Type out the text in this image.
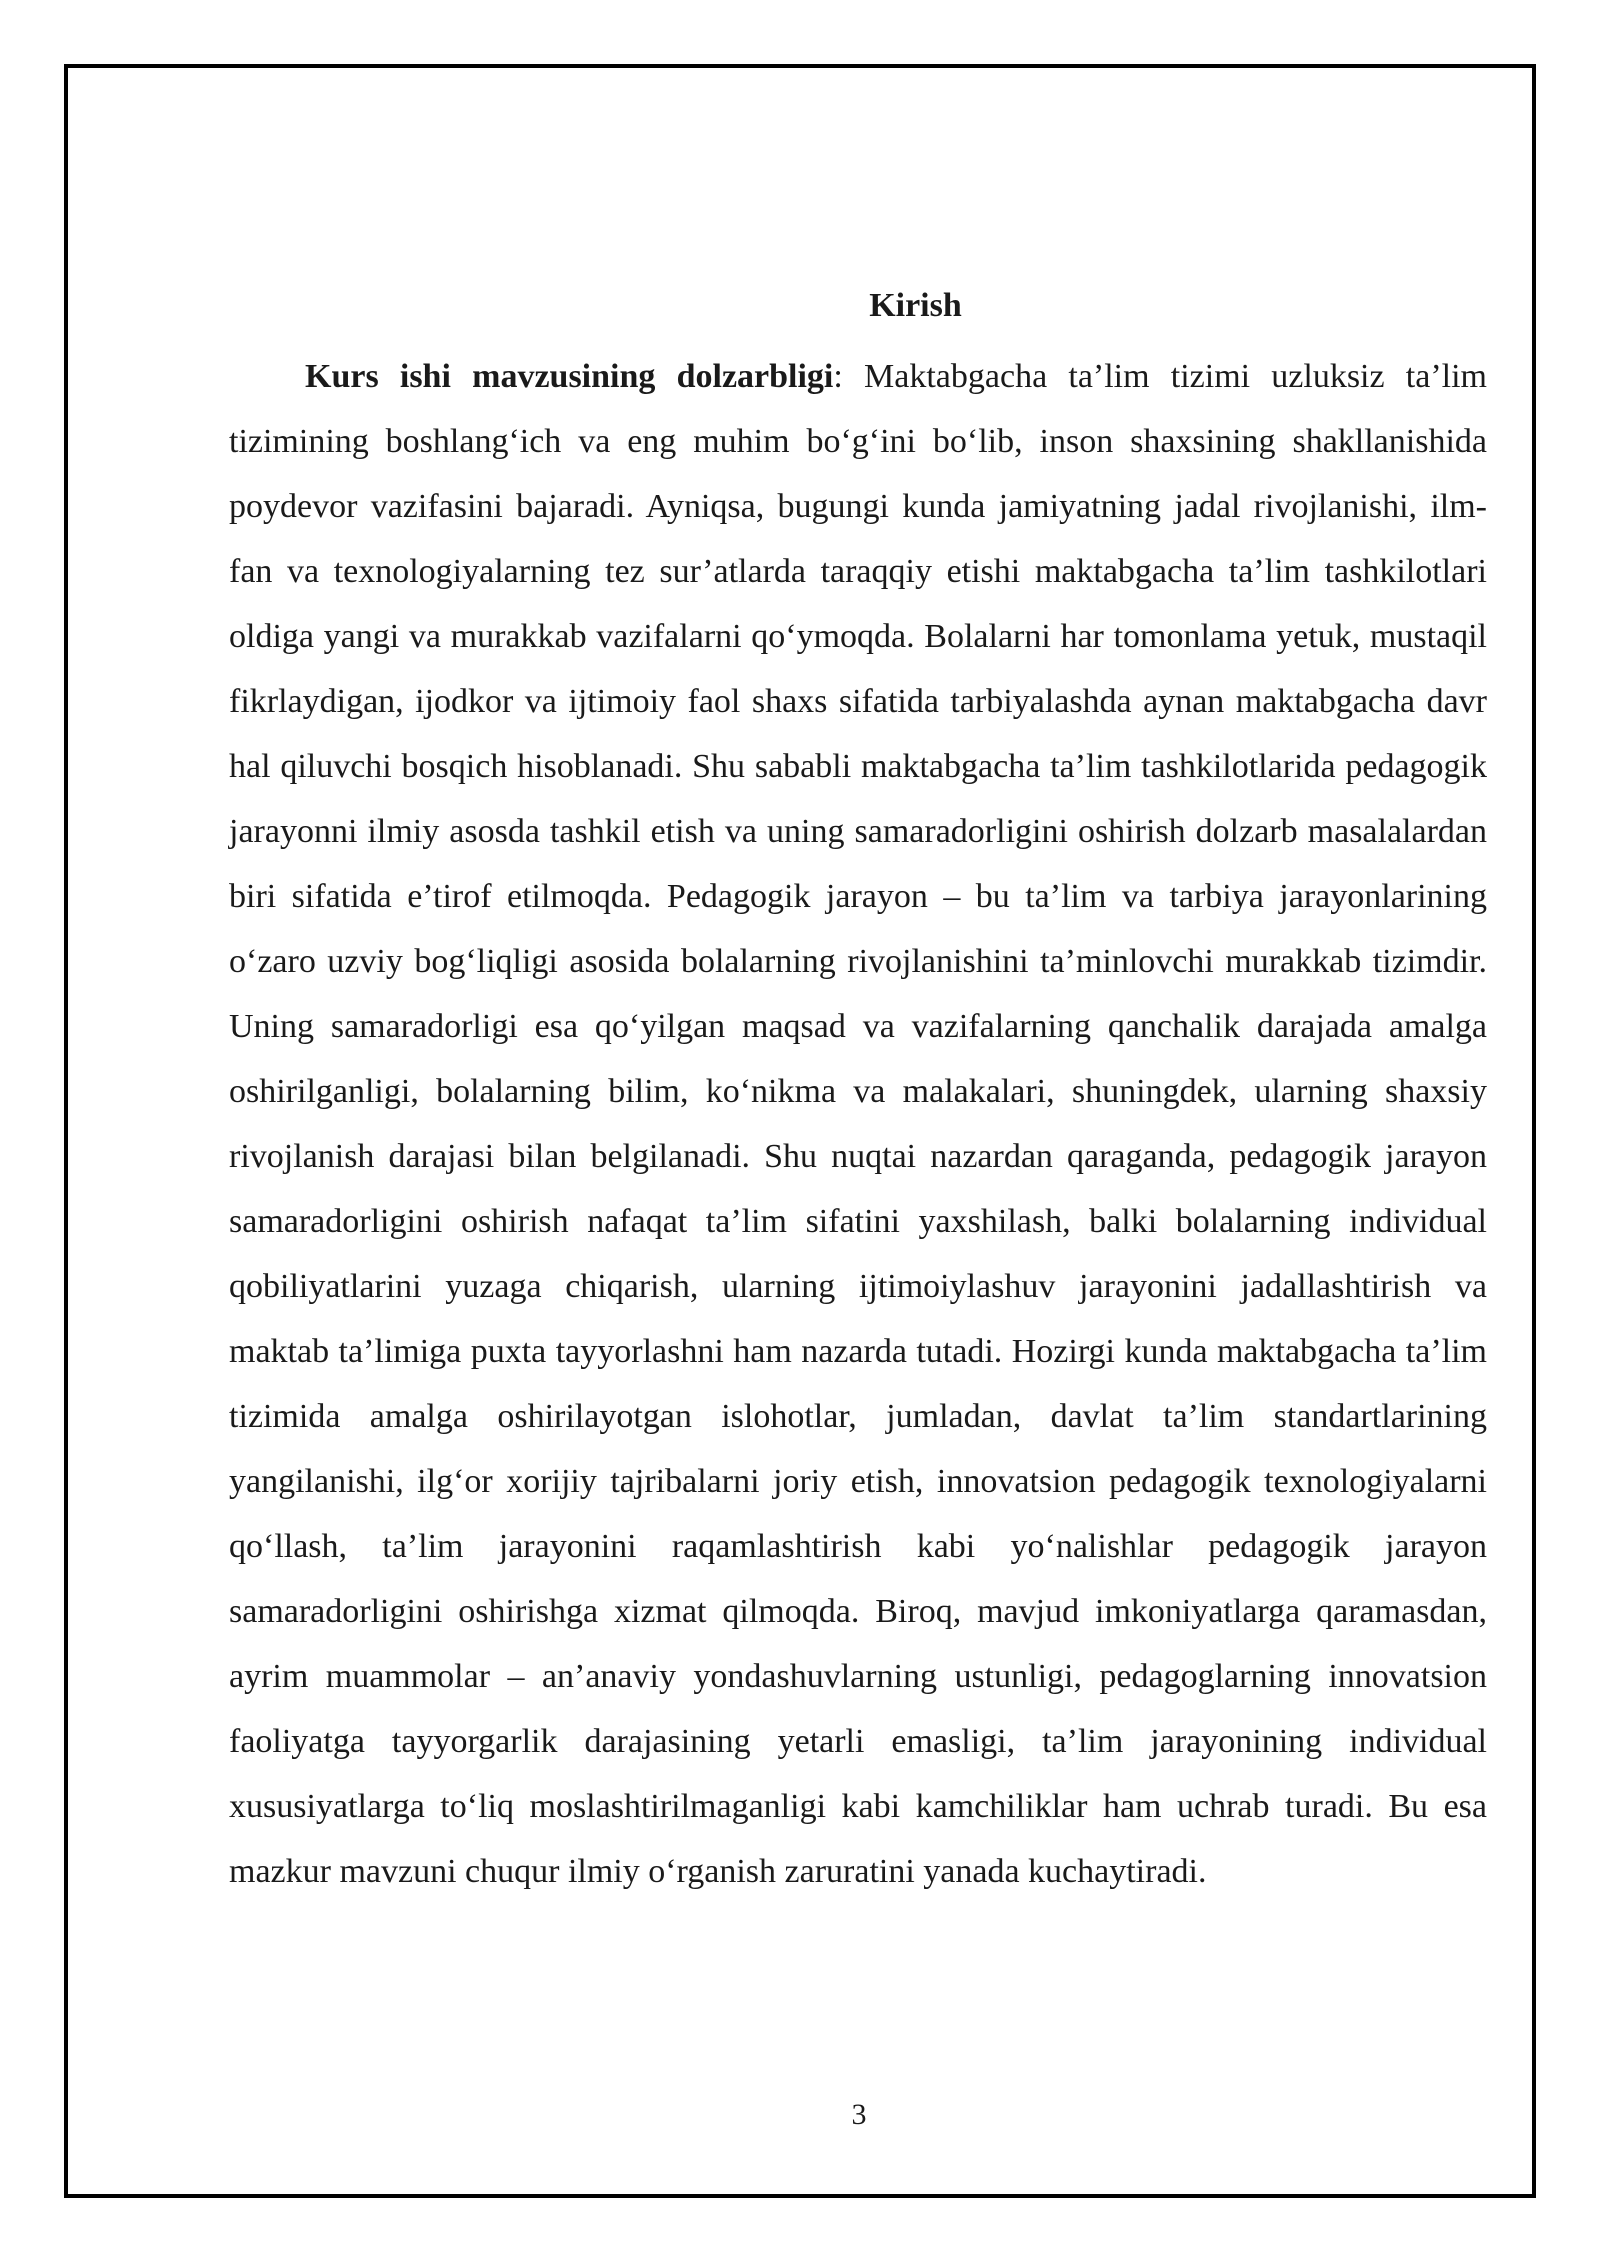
Kirish

Kurs ishi mavzusining dolzarbligi: Maktabgacha ta’lim tizimi uzluksiz ta’lim tizimining boshlang‘ich va eng muhim bo‘g‘ini bo‘lib, inson shaxsining shakllanishida poydevor vazifasini bajaradi. Ayniqsa, bugungi kunda jamiyatning jadal rivojlanishi, ilm-fan va texnologiyalarning tez sur’atlarda taraqqiy etishi maktabgacha ta’lim tashkilotlari oldiga yangi va murakkab vazifalarni qo‘ymoqda. Bolalarni har tomonlama yetuk, mustaqil fikrlaydigan, ijodkor va ijtimoiy faol shaxs sifatida tarbiyalashda aynan maktabgacha davr hal qiluvchi bosqich hisoblanadi. Shu sababli maktabgacha ta’lim tashkilotlarida pedagogik jarayonni ilmiy asosda tashkil etish va uning samaradorligini oshirish dolzarb masalalardan biri sifatida e’tirof etilmoqda. Pedagogik jarayon – bu ta’lim va tarbiya jarayonlarining o‘zaro uzviy bog‘liqligi asosida bolalarning rivojlanishini ta’minlovchi murakkab tizimdir. Uning samaradorligi esa qo‘yilgan maqsad va vazifalarning qanchalik darajada amalga oshirilganligi, bolalarning bilim, ko‘nikma va malakalari, shuningdek, ularning shaxsiy rivojlanish darajasi bilan belgilanadi. Shu nuqtai nazardan qaraganda, pedagogik jarayon samaradorligini oshirish nafaqat ta’lim sifatini yaxshilash, balki bolalarning individual qobiliyatlarini yuzaga chiqarish, ularning ijtimoiylashuv jarayonini jadallashtirish va maktab ta’limiga puxta tayyorlashni ham nazarda tutadi. Hozirgi kunda maktabgacha ta’lim tizimida amalga oshirilayotgan islohotlar, jumladan, davlat ta’lim standartlarining yangilanishi, ilg‘or xorijiy tajribalarni joriy etish, innovatsion pedagogik texnologiyalarni qo‘llash, ta’lim jarayonini raqamlashtirish kabi yo‘nalishlar pedagogik jarayon samaradorligini oshirishga xizmat qilmoqda. Biroq, mavjud imkoniyatlarga qaramasdan, ayrim muammolar – an’anaviy yondashuvlarning ustunligi, pedagoglarning innovatsion faoliyatga tayyorgarlik darajasining yetarli emasligi, ta’lim jarayonining individual xususiyatlarga to‘liq moslashtirilmaganligi kabi kamchiliklar ham uchrab turadi. Bu esa mazkur mavzuni chuqur ilmiy o‘rganish zaruratini yanada kuchaytiradi.

3
